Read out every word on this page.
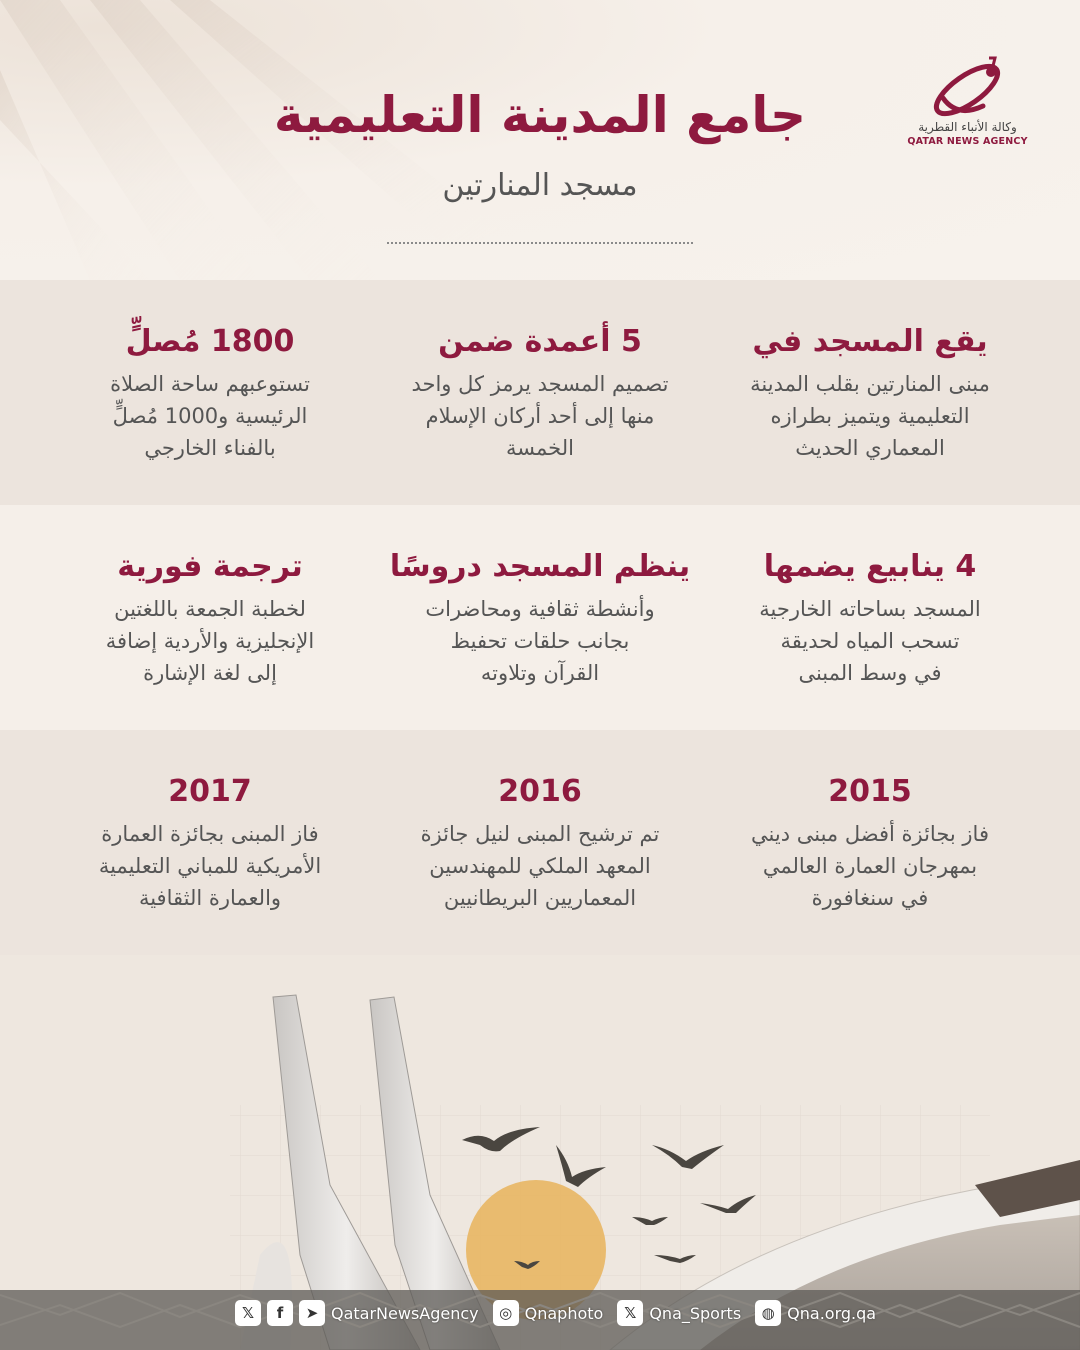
جامع المدينة التعليمية
مسجد المنارتين
وكالة الأنباء القطرية
QATAR NEWS AGENCY
يقع المسجد في
مبنى المنارتين بقلب المدينة
التعليمية ويتميز بطرازه
المعماري الحديث
5 أعمدة ضمن
تصميم المسجد يرمز كل واحد
منها إلى أحد أركان الإسلام
الخمسة
1800 مُصلٍّ
تستوعبهم ساحة الصلاة
الرئيسية و1000 مُصلٍّ
بالفناء الخارجي
4 ينابيع يضمها
المسجد بساحاته الخارجية
تسحب المياه لحديقة
في وسط المبنى
ينظم المسجد دروسًا
وأنشطة ثقافية ومحاضرات
بجانب حلقات تحفيظ
القرآن وتلاوته
ترجمة فورية
لخطبة الجمعة باللغتين
الإنجليزية والأردية إضافة
إلى لغة الإشارة
2015
فاز بجائزة أفضل مبنى ديني
بمهرجان العمارة العالمي
في سنغافورة
2016
تم ترشيح المبنى لنيل جائزة
المعهد الملكي للمهندسين
المعماريين البريطانيين
2017
فاز المبنى بجائزة العمارة
الأمريكية للمباني التعليمية
والعمارة الثقافية
𝕏	f	➤ QatarNewsAgency	◎ Qnaphoto	𝕏 Qna_Sports	◍ Qna.org.qa
